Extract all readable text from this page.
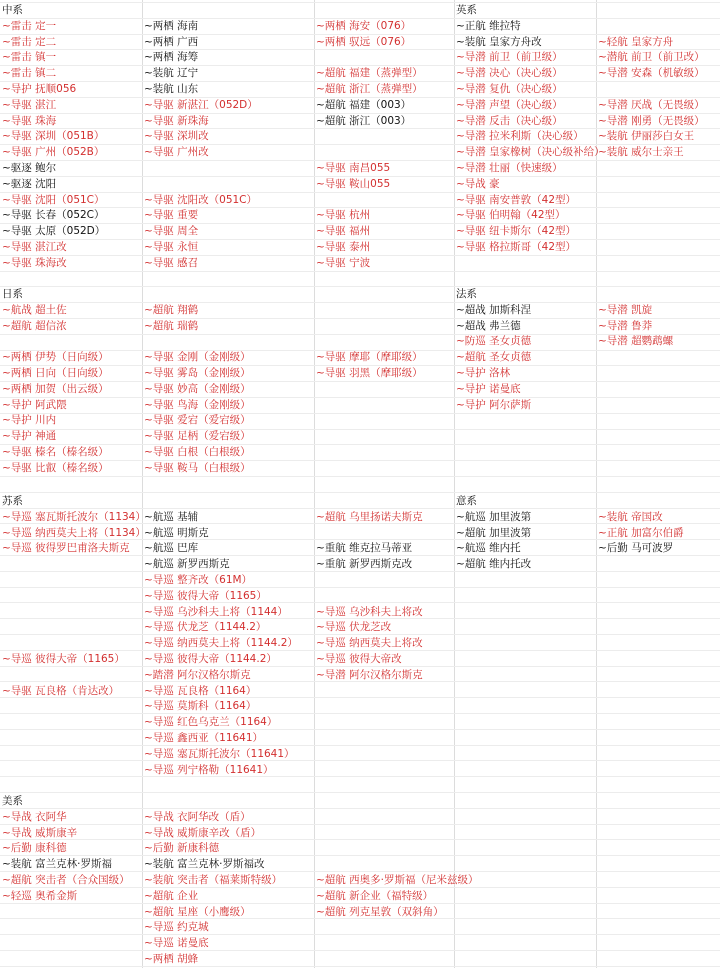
中系
~雷击 定一
~雷击 定二
~雷击 镇一
~雷击 镇二
~导护 抚顺056
~导驱 湛江
~导驱 珠海
~导驱 深圳（051B）
~导驱 广州（052B）
~驱逐 鲍尔
~驱逐 沈阳
~导驱 沈阳（051C）
~导驱 长春（052C）
~导驱 太原（052D）
~导驱 湛江改
~导驱 珠海改
~两栖 海南
~两栖 广西
~两栖 海筹
~装航 辽宁
~装航 山东
~导驱 新湛江（052D）
~导驱 新珠海
~导驱 深圳改
~导驱 广州改
~导驱 沈阳改（051C）
~导驱 重要
~导驱 周全
~导驱 永恒
~导驱 感召
~两栖 海安（076）
~两栖 驭远（076）
~超航 福建（蒸弹型）
~超航 浙江（蒸弹型）
~超航 福建（003）
~超航 浙江（003）
~导驱 南昌055
~导驱 鞍山055
~导驱 杭州
~导驱 福州
~导驱 泰州
~导驱 宁波
英系
~正航 维拉特
~装航 皇家方舟改
~导潜 前卫（前卫级）
~导潜 决心（决心级）
~导潜 复仇（决心级）
~导潜 声望（决心级）
~导潜 反击（决心级）
~导潜 拉米利斯（决心级）
~导潜 皇家橡树（决心级补给）
~导潜 壮丽（快速级）
~导战 豪
~导驱 南安普敦（42型）
~导驱 伯明翰（42型）
~导驱 纽卡斯尔（42型）
~导驱 格拉斯哥（42型）
~轻航 皇家方舟
~潜航 前卫（前卫改）
~导潜 安森（机敏级）
~导潜 厌战（无畏级）
~导潜 刚勇（无畏级）
~装航 伊丽莎白女王
~装航 威尔士亲王
日系
~航战 超土佐
~超航 超信浓
~两栖 伊势（日向级）
~两栖 日向（日向级）
~两栖 加贺（出云级）
~导护 阿武隈
~导护 川内
~导护 神通
~导驱 榛名（榛名级）
~导驱 比叡（榛名级）
~超航 翔鹤
~超航 瑞鹤
~导驱 金刚（金刚级）
~导驱 雾岛（金刚级）
~导驱 妙高（金刚级）
~导驱 鸟海（金刚级）
~导驱 爱宕（爱宕级）
~导驱 足柄（爱宕级）
~导驱 白根（白根级）
~导驱 鞍马（白根级）
~导驱 摩耶（摩耶级）
~导驱 羽黑（摩耶级）
法系
~超战 加斯科涅
~超战 弗兰德
~防巡 圣女贞德
~超航 圣女贞德
~导护 洛林
~导护 诺曼底
~导护 阿尔萨斯
~导潜 凯旋
~导潜 鲁莽
~导潜 超鹦鹉螺
苏系
~导巡 塞瓦斯托波尔（1134）
~导巡 纳西莫夫上将（1134）
~导巡 彼得罗巴甫洛夫斯克
~导巡 彼得大帝（1165）
~导驱 瓦良格（肯达改）
~航巡 基辅
~航巡 明斯克
~航巡 巴库
~航巡 新罗西斯克
~导巡 整齐改（61M）
~导巡 彼得大帝（1165）
~导巡 乌沙科夫上将（1144）
~导巡 伏龙芝（1144.2）
~导巡 纳西莫夫上将（1144.2）
~导巡 彼得大帝（1144.2）
~踏潜 阿尔汉格尔斯克
~导巡 瓦良格（1164）
~导巡 莫斯科（1164）
~导巡 红色乌克兰（1164）
~导巡 鑫西亚（11641）
~导巡 塞瓦斯托波尔（11641）
~导巡 列宁格勒（11641）
~超航 乌里扬诺夫斯克
~重航 维克拉马蒂亚
~重航 新罗西斯克改
~导巡 乌沙科夫上将改
~导巡 伏龙芝改
~导巡 纳西莫夫上将改
~导巡 彼得大帝改
~导潜 阿尔汉格尔斯克
意系
~航巡 加里波第
~超航 加里波第
~航巡 维内托
~超航 维内托改
~装航 帝国改
~正航 加富尔伯爵
~后勤 马可波罗
美系
~导战 衣阿华
~导战 威斯康辛
~后勤 康科德
~装航 富兰克林·罗斯福
~超航 突击者（合众国级）
~轻巡 奥希金斯
~导战 衣阿华改（盾）
~导战 威斯康辛改（盾）
~后勤 新康科德
~装航 富兰克林·罗斯福改
~装航 突击者（福莱斯特级）
~超航 企业
~超航 星座（小鹰级）
~导巡 约克城
~导巡 诺曼底
~两栖 胡蜂
~超航 西奥多·罗斯福（尼米兹级）
~超航 新企业（福特级）
~超航 列克星敦（双斜角）
